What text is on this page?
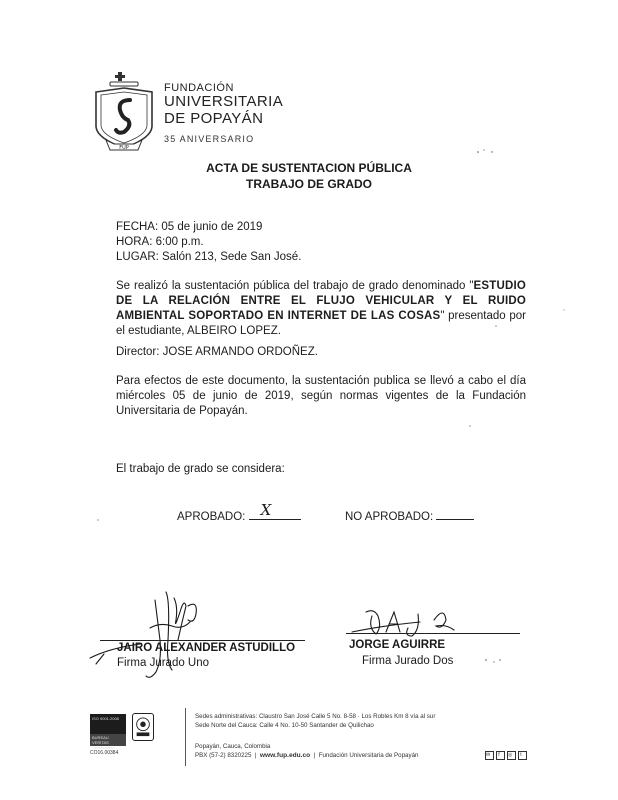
FUP
FUNDACIÓN
UNIVERSITARIA
DE POPAYÁN
35 ANIVERSARIO
ACTA DE SUSTENTACION PÚBLICA
TRABAJO DE GRADO
FECHA: 05 de junio de 2019
HORA: 6:00 p.m.
LUGAR: Salón 213, Sede San José.
Se realizó la sustentación pública del trabajo de grado denominado "ESTUDIO DE LA RELACIÓN ENTRE EL FLUJO VEHICULAR Y EL RUIDO AMBIENTAL SOPORTADO EN INTERNET DE LAS COSAS" presentado por el estudiante, ALBEIRO LOPEZ.
Director: JOSE ARMANDO ORDOÑEZ.
Para efectos de este documento, la sustentación publica se llevó a cabo el día miércoles 05 de junio de 2019, según normas vigentes de la Fundación Universitaria de Popayán.
El trabajo de grado se considera:
APROBADO: X	NO APROBADO:
JAIRO ALEXANDER ASTUDILLO
Firma Jurado Uno
JORGE AGUIRRE
Firma Jurado Dos
ISO 9001:2008
BUREAU VERITAS Certification
CO16.00384
Sedes administrativas: Claustro San José Calle 5 No. 8-58 · Los Robles Km 8 vía al sur
Sede Norte del Cauca: Calle 4 No. 10-50 Santander de Quilichao
Popayán, Cauca, Colombia
PBX (57-2) 8320225  |  www.fup.edu.co  |  Fundación Universitaria de Popayán	✉ f ◎ t
